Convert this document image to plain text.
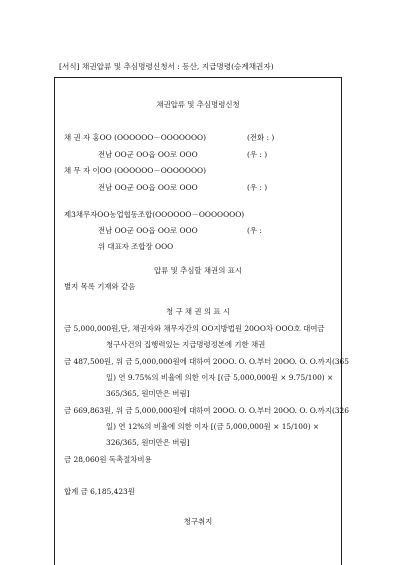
[서식] 채권압류 및 추심명령신청서 : 동산, 지급명령(승계채권자)
채권압류 및 추심명령신청
채 권 자 홍OO (OOOOOO－OOOOOOO)	(전화 : )
전남 OO군 OO읍 OO로 OOO	(우 : )
채 무 자 이OO (OOOOOO－OOOOOOO)
전남 OO군 OO읍 OO로 OOO	(우 : )
제3채무자OO농업협동조합(OOOOOO－OOOOOOO)
전남 OO군 OO읍 OO로 OOO	(우 :
위 대표자 조합장 OOO
압류 및 추심할 채권의 표시
별지 목록 기재와 같음
청 구 채 권 의 표 시
금 5,000,000원,단, 채권자와 채무자간의 OO지방법원 20OO차 OOO호 대여금
청구사건의 집행력있는 지급명령정본에 기한 채권
금 487,500원, 위 금 5,000,000원에 대하여 20OO. O. O.부터 20OO. O. O.까지(365
일) 연 9.75%의 비율에 의한 이자 [(금 5,000,000원 × 9.75/100) ×
365/365, 원미만은 버림]
금 669,863원, 위 금 5,000,000원에 대하여 20OO. O. O.부터 20OO. O. O.까지(326
일) 연 12%의 비율에 의한 이자 [(금 5,000,000원 × 15/100) ×
326/365, 원미만은 버림]
금 28,060원 독촉절차비용
합계 금 6,185,423원
청구취지
